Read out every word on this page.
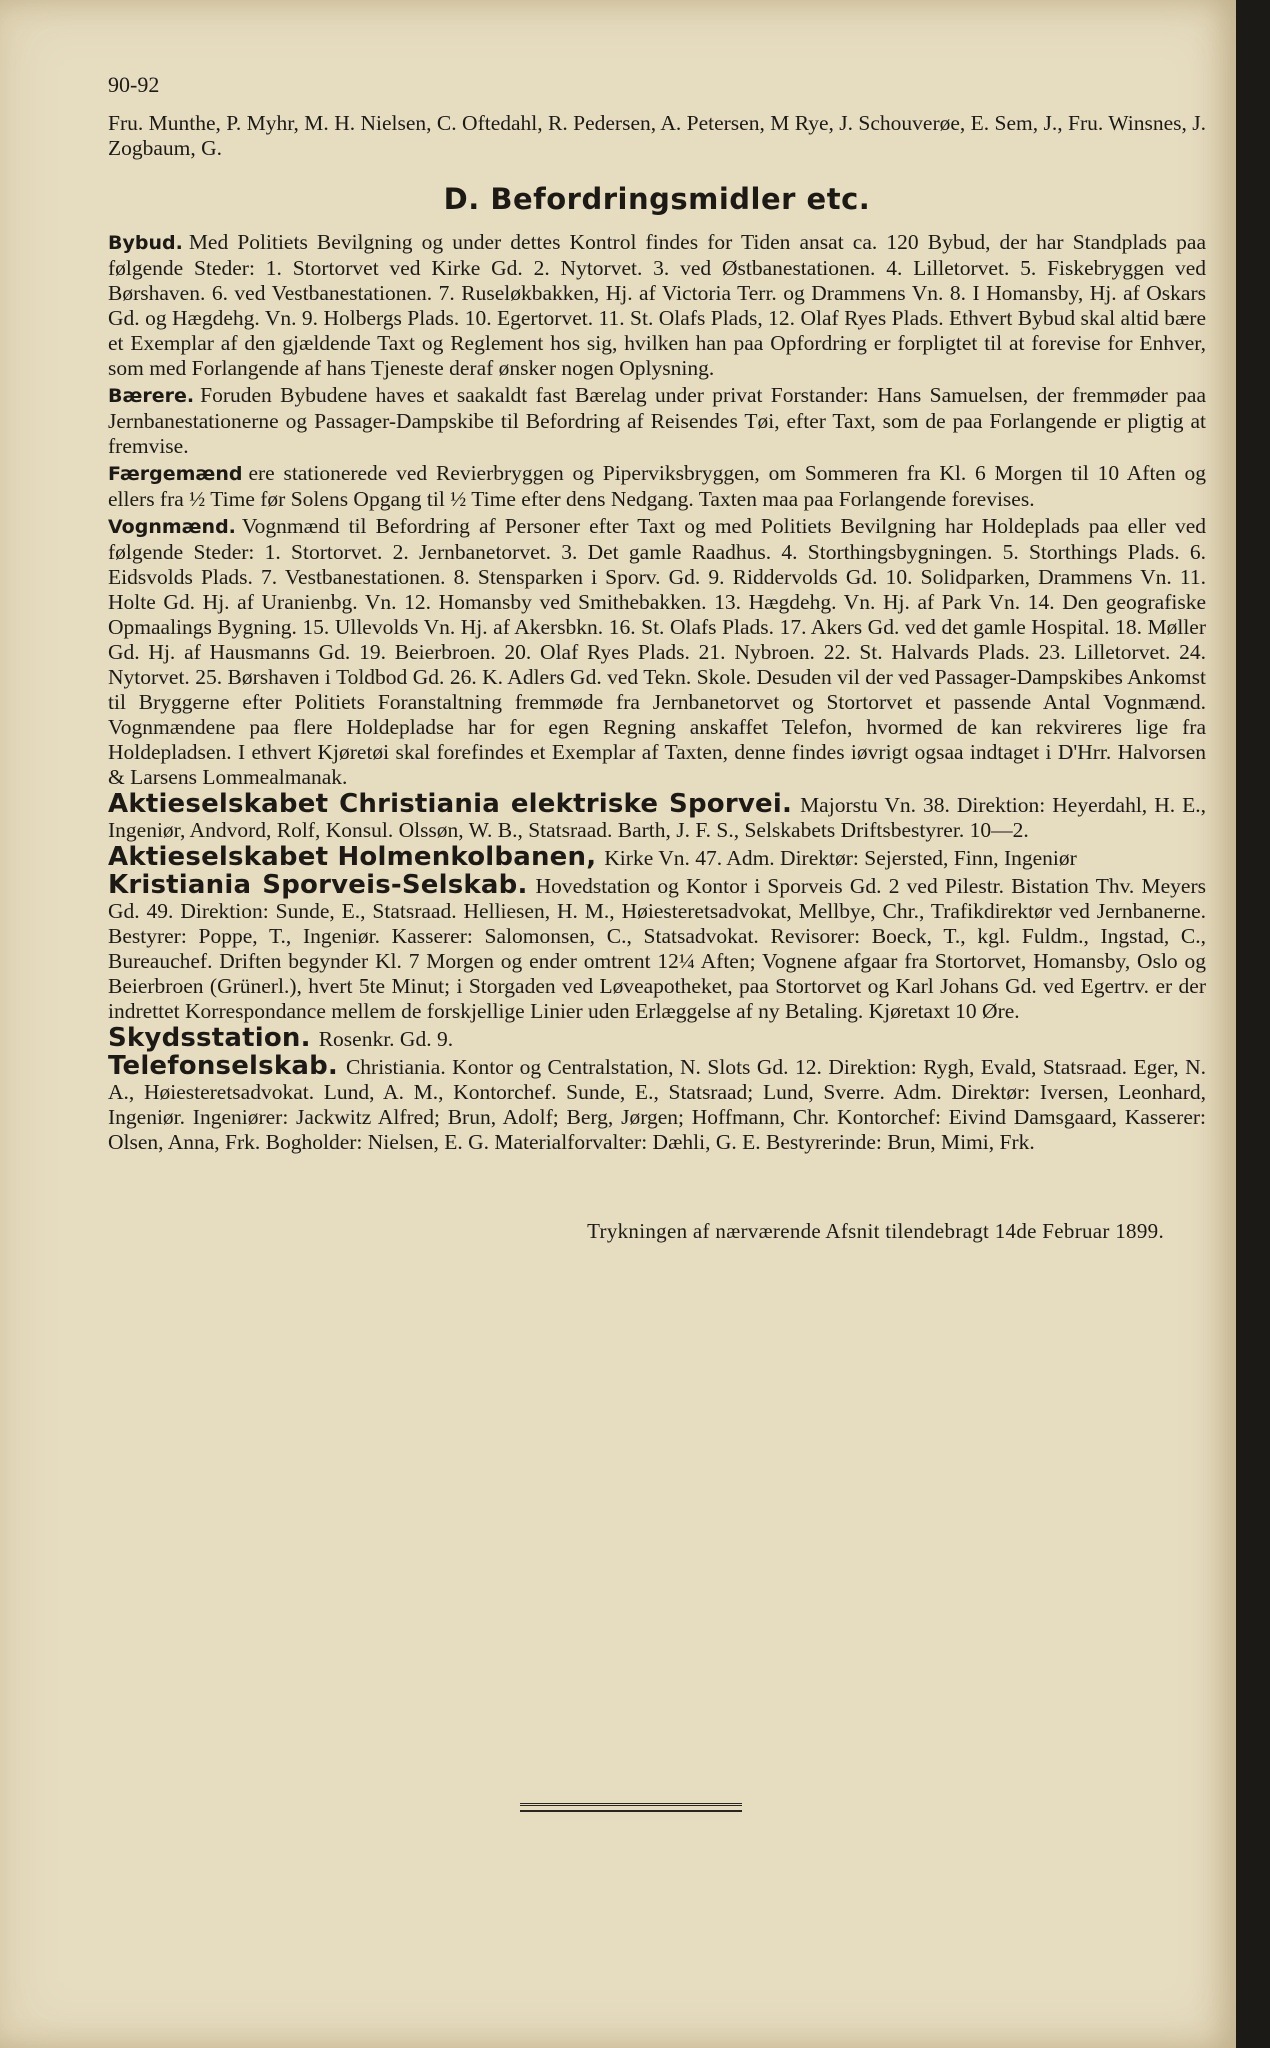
90-92

Fru. Munthe, P. Myhr, M. H. Nielsen, C. Oftedahl, R. Pedersen, A. Petersen, M Rye, J. Schouverøe, E. Sem, J., Fru. Winsnes, J. Zogbaum, G.

D. Befordringsmidler etc.

Bybud. Med Politiets Bevilgning og under dettes Kontrol findes for Tiden ansat ca. 120 Bybud, der har Standplads paa følgende Steder: 1. Stortorvet ved Kirke Gd. 2. Nytorvet. 3. ved Østbanestationen. 4. Lilletorvet. 5. Fiskebryggen ved Børshaven. 6. ved Vestbanestationen. 7. Ruseløkbakken, Hj. af Victoria Terr. og Drammens Vn. 8. I Homansby, Hj. af Oskars Gd. og Hægdehg. Vn. 9. Holbergs Plads. 10. Egertorvet. 11. St. Olafs Plads, 12. Olaf Ryes Plads. Ethvert Bybud skal altid bære et Exemplar af den gjældende Taxt og Reglement hos sig, hvilken han paa Opfordring er forpligtet til at forevise for Enhver, som med Forlangende af hans Tjeneste deraf ønsker nogen Oplysning.

Bærere. Foruden Bybudene haves et saakaldt fast Bærelag under privat Forstander: Hans Samuelsen, der fremmøder paa Jernbanestationerne og Passager-Dampskibe til Befordring af Reisendes Tøi, efter Taxt, som de paa Forlangende er pligtig at fremvise.

Færgemænd ere stationerede ved Revierbryggen og Piperviksbryggen, om Sommeren fra Kl. 6 Morgen til 10 Aften og ellers fra ½ Time før Solens Opgang til ½ Time efter dens Nedgang. Taxten maa paa Forlangende forevises.

Vognmænd. Vognmænd til Befordring af Personer efter Taxt og med Politiets Bevilgning har Holdeplads paa eller ved følgende Steder: 1. Stortorvet. 2. Jernbanetorvet. 3. Det gamle Raadhus. 4. Storthingsbygningen. 5. Storthings Plads. 6. Eidsvolds Plads. 7. Vestbanestationen. 8. Stensparken i Sporv. Gd. 9. Riddervolds Gd. 10. Solidparken, Drammens Vn. 11. Holte Gd. Hj. af Uranienbg. Vn. 12. Homansby ved Smithebakken. 13. Hægdehg. Vn. Hj. af Park Vn. 14. Den geografiske Opmaalings Bygning. 15. Ullevolds Vn. Hj. af Akersbkn. 16. St. Olafs Plads. 17. Akers Gd. ved det gamle Hospital. 18. Møller Gd. Hj. af Hausmanns Gd. 19. Beierbroen. 20. Olaf Ryes Plads. 21. Nybroen. 22. St. Halvards Plads. 23. Lilletorvet. 24. Nytorvet. 25. Børshaven i Toldbod Gd. 26. K. Adlers Gd. ved Tekn. Skole. Desuden vil der ved Passager-Dampskibes Ankomst til Bryggerne efter Politiets Foranstaltning fremmøde fra Jernbanetorvet og Stortorvet et passende Antal Vognmænd. Vognmændene paa flere Holdepladse har for egen Regning anskaffet Telefon, hvormed de kan rekvireres lige fra Holdepladsen. I ethvert Kjøretøi skal forefindes et Exemplar af Taxten, denne findes iøvrigt ogsaa indtaget i D'Hrr. Halvorsen & Larsens Lommealmanak.

Aktieselskabet Christiania elektriske Sporvei. Majorstu Vn. 38. Direktion: Heyerdahl, H. E., Ingeniør, Andvord, Rolf, Konsul. Olssøn, W. B., Statsraad. Barth, J. F. S., Selskabets Driftsbestyrer. 10—2.

Aktieselskabet Holmenkolbanen, Kirke Vn. 47. Adm. Direktør: Sejersted, Finn, Ingeniør

Kristiania Sporveis-Selskab. Hovedstation og Kontor i Sporveis Gd. 2 ved Pilestr. Bistation Thv. Meyers Gd. 49. Direktion: Sunde, E., Statsraad. Helliesen, H. M., Høiesteretsadvokat, Mellbye, Chr., Trafikdirektør ved Jernbanerne. Bestyrer: Poppe, T., Ingeniør. Kasserer: Salomonsen, C., Statsadvokat. Revisorer: Boeck, T., kgl. Fuldm., Ingstad, C., Bureauchef. Driften begynder Kl. 7 Morgen og ender omtrent 12¼ Aften; Vognene afgaar fra Stortorvet, Homansby, Oslo og Beierbroen (Grünerl.), hvert 5te Minut; i Storgaden ved Løveapotheket, paa Stortorvet og Karl Johans Gd. ved Egertrv. er der indrettet Korrespondance mellem de forskjellige Linier uden Erlæggelse af ny Betaling. Kjøretaxt 10 Øre.

Skydsstation. Rosenkr. Gd. 9.

Telefonselskab. Christiania. Kontor og Centralstation, N. Slots Gd. 12. Direktion: Rygh, Evald, Statsraad. Eger, N. A., Høiesteretsadvokat. Lund, A. M., Kontorchef. Sunde, E., Statsraad; Lund, Sverre. Adm. Direktør: Iversen, Leonhard, Ingeniør. Ingeniører: Jackwitz Alfred; Brun, Adolf; Berg, Jørgen; Hoffmann, Chr. Kontorchef: Eivind Damsgaard, Kasserer: Olsen, Anna, Frk. Bogholder: Nielsen, E. G. Materialforvalter: Dæhli, G. E. Bestyrerinde: Brun, Mimi, Frk.

Trykningen af nærværende Afsnit tilendebragt 14de Februar 1899.
